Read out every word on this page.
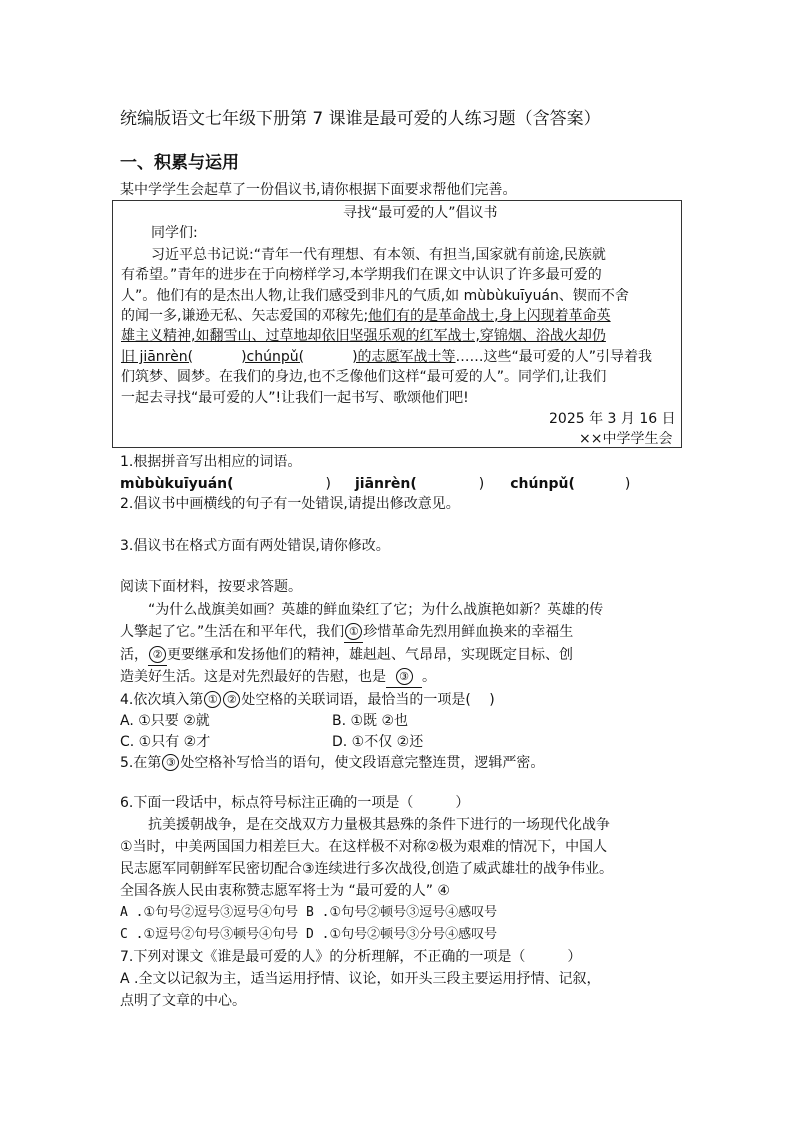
统编版语文七年级下册第 7 课谁是最可爱的人练习题（含答案）
一、积累与运用
某中学学生会起草了一份倡议书,请你根据下面要求帮他们完善。
寻找“最可爱的人”倡议书
同学们:
习近平总书记说:“青年一代有理想、有本领、有担当,国家就有前途,民族就
有希望。”青年的进步在于向榜样学习,本学期我们在课文中认识了许多最可爱的
人”。他们有的是杰出人物,让我们感受到非凡的气质,如 mùbùkuīyuán、锲而不舍
的闻一多,谦逊无私、矢志爱国的邓稼先;他们有的是革命战士,身上闪现着革命英
雄主义精神,如翻雪山、过草地却依旧坚强乐观的红军战士,穿锦烟、浴战火却仍
旧 jiānrèn(	)chúnpǔ(	)的志愿军战士等……这些“最可爱的人”引导着我
们筑梦、圆梦。在我们的身边,也不乏像他们这样“最可爱的人”。同学们,让我们
一起去寻找“最可爱的人”!让我们一起书写、歌颂他们吧!
2025 年 3 月 16 日
××中学学生会
1.根据拼音写出相应的词语。
mùbùkuīyuán(	) jiānrèn(	) chúnpǔ(	)
2.倡议书中画横线的句子有一处错误,请提出修改意见。
3.倡议书在格式方面有两处错误,请你修改。
阅读下面材料，按要求答题。
“为什么战旗美如画？英雄的鲜血染红了它；为什么战旗艳如新？英雄的传
人擎起了它。”生活在和平年代，我们 ① 珍惜革命先烈用鲜血换来的幸福生
活， ② 更要继承和发扬他们的精神，雄赳赳、气昂昂，实现既定目标、创
造美好生活。这是对先烈最好的告慰，也是 ③ 。
4.依次填入第 ① ② 处空格的关联词语，最恰当的一项是(　 )
A. ①只要 ②就	B. ①既 ②也
C. ①只有 ②才	D. ①不仅 ②还
5.在第 ③ 处空格补写恰当的语句，使文段语意完整连贯，逻辑严密。
6.下面一段话中，标点符号标注正确的一项是（　　　）
抗美援朝战争，是在交战双方力量极其悬殊的条件下进行的一场现代化战争
①当时，中美两国国力相差巨大。在这样极不对称②极为艰难的情况下，中国人
民志愿军同朝鲜军民密切配合③连续进行多次战役,创造了威武雄壮的战争伟业。
全国各族人民由衷称赞志愿军将士为 “最可爱的人” ④
A .①句号②逗号③逗号④句号 B .①句号②顿号③逗号④感叹号
C .①逗号②句号③顿号④句号 D .①句号②顿号③分号④感叹号
7.下列对课文《谁是最可爱的人》的分析理解，不正确的一项是（　　　）
A .全文以记叙为主，适当运用抒情、议论，如开头三段主要运用抒情、记叙，
点明了文章的中心。
